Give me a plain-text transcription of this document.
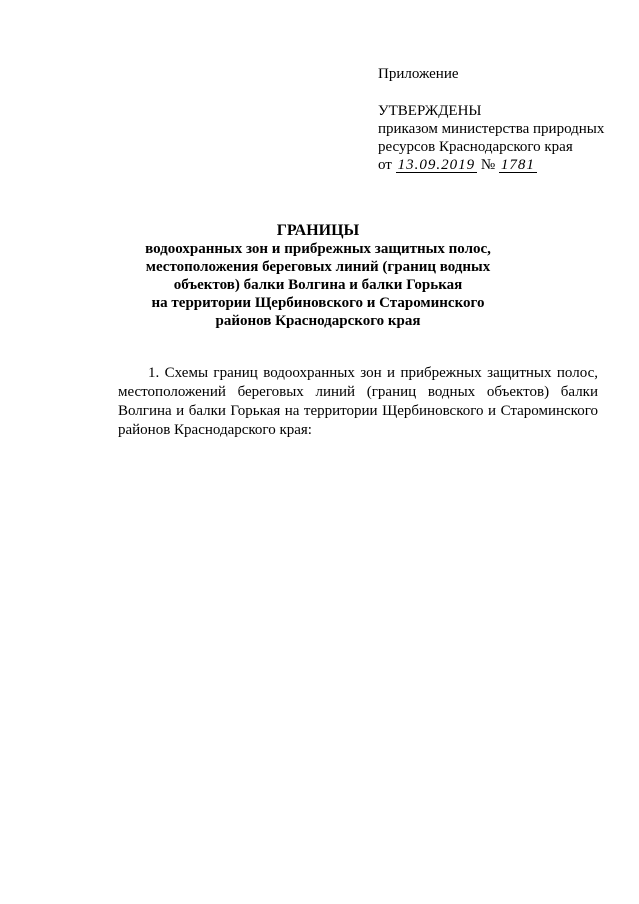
Приложение
УТВЕРЖДЕНЫ
приказом министерства природных
ресурсов Краснодарского края
от 13.09.2019 № 1781
ГРАНИЦЫ
водоохранных зон и прибрежных защитных полос,
местоположения береговых линий (границ водных
объектов) балки Волгина и балки Горькая
на территории Щербиновского и Староминского
районов Краснодарского края
1. Схемы границ водоохранных зон и прибрежных защитных полос, местоположений береговых линий (границ водных объектов) балки Волгина и балки Горькая на территории Щербиновского и Староминского районов Краснодарского края:
